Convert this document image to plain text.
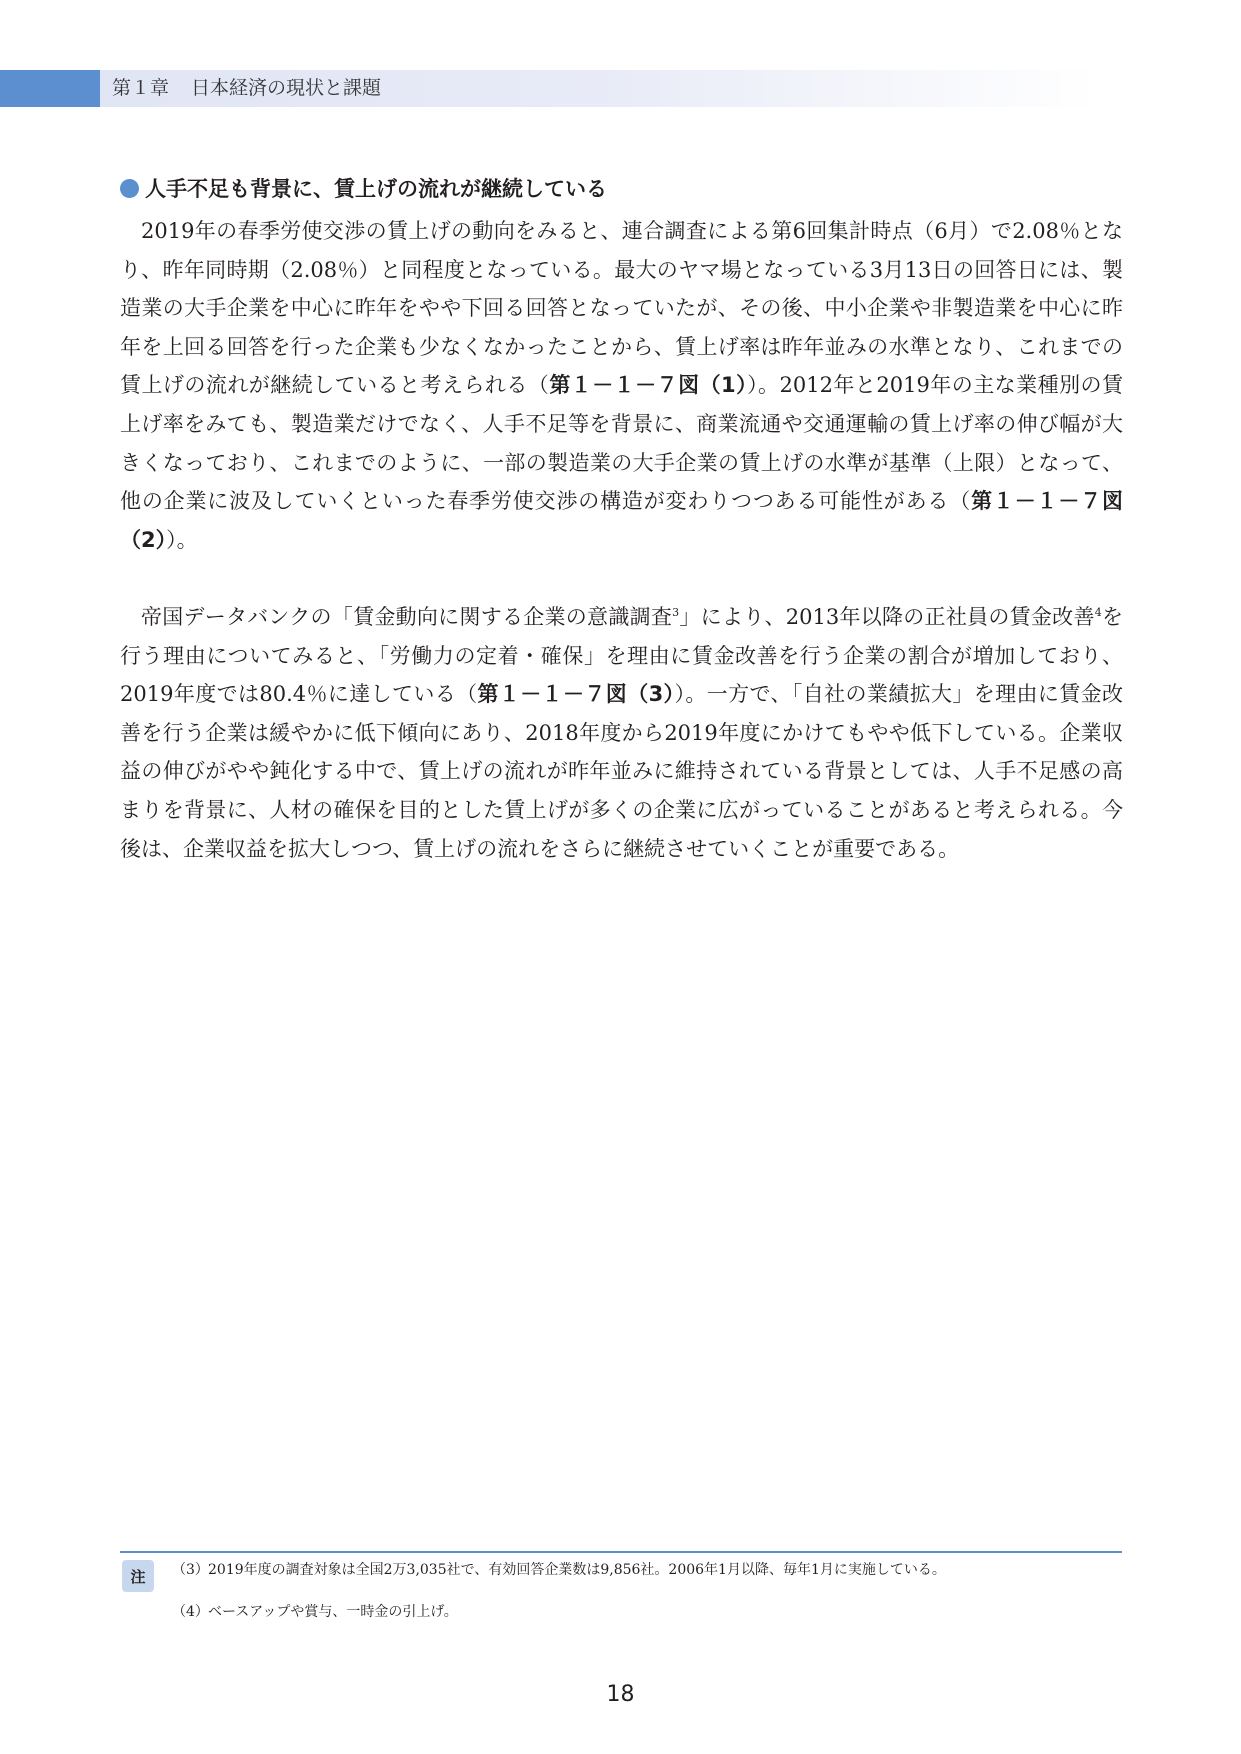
第１章 日本経済の現状と課題
人手不足も背景に、賃上げの流れが継続している
2019年の春季労使交渉の賃上げの動向をみると、連合調査による第6回集計時点（6月）で2.08％となり、昨年同時期（2.08％）と同程度となっている。最大のヤマ場となっている3月13日の回答日には、製造業の大手企業を中心に昨年をやや下回る回答となっていたが、その後、中小企業や非製造業を中心に昨年を上回る回答を行った企業も少なくなかったことから、賃上げ率は昨年並みの水準となり、これまでの賃上げの流れが継続していると考えられる（第１－１－７図（1））。2012年と2019年の主な業種別の賃上げ率をみても、製造業だけでなく、人手不足等を背景に、商業流通や交通運輸の賃上げ率の伸び幅が大きくなっており、これまでのように、一部の製造業の大手企業の賃上げの水準が基準（上限）となって、他の企業に波及していくといった春季労使交渉の構造が変わりつつある可能性がある（第１－１－７図（2））。
帝国データバンクの「賃金動向に関する企業の意識調査$^3$」により、2013年以降の正社員の賃金改善$^4$を行う理由についてみると、「労働力の定着・確保」を理由に賃金改善を行う企業の割合が増加しており、2019年度では80.4％に達している（第１－１－７図（3））。一方で、「自社の業績拡大」を理由に賃金改善を行う企業は緩やかに低下傾向にあり、2018年度から2019年度にかけてもやや低下している。企業収益の伸びがやや鈍化する中で、賃上げの流れが昨年並みに維持されている背景としては、人手不足感の高まりを背景に、人材の確保を目的とした賃上げが多くの企業に広がっていることがあると考えられる。今後は、企業収益を拡大しつつ、賃上げの流れをさらに継続させていくことが重要である。
注	（3） 2019年度の調査対象は全国2万3,035社で、有効回答企業数は9,856社。2006年1月以降、毎年1月に実施している。
（4） ベースアップや賞与、一時金の引上げ。
18
